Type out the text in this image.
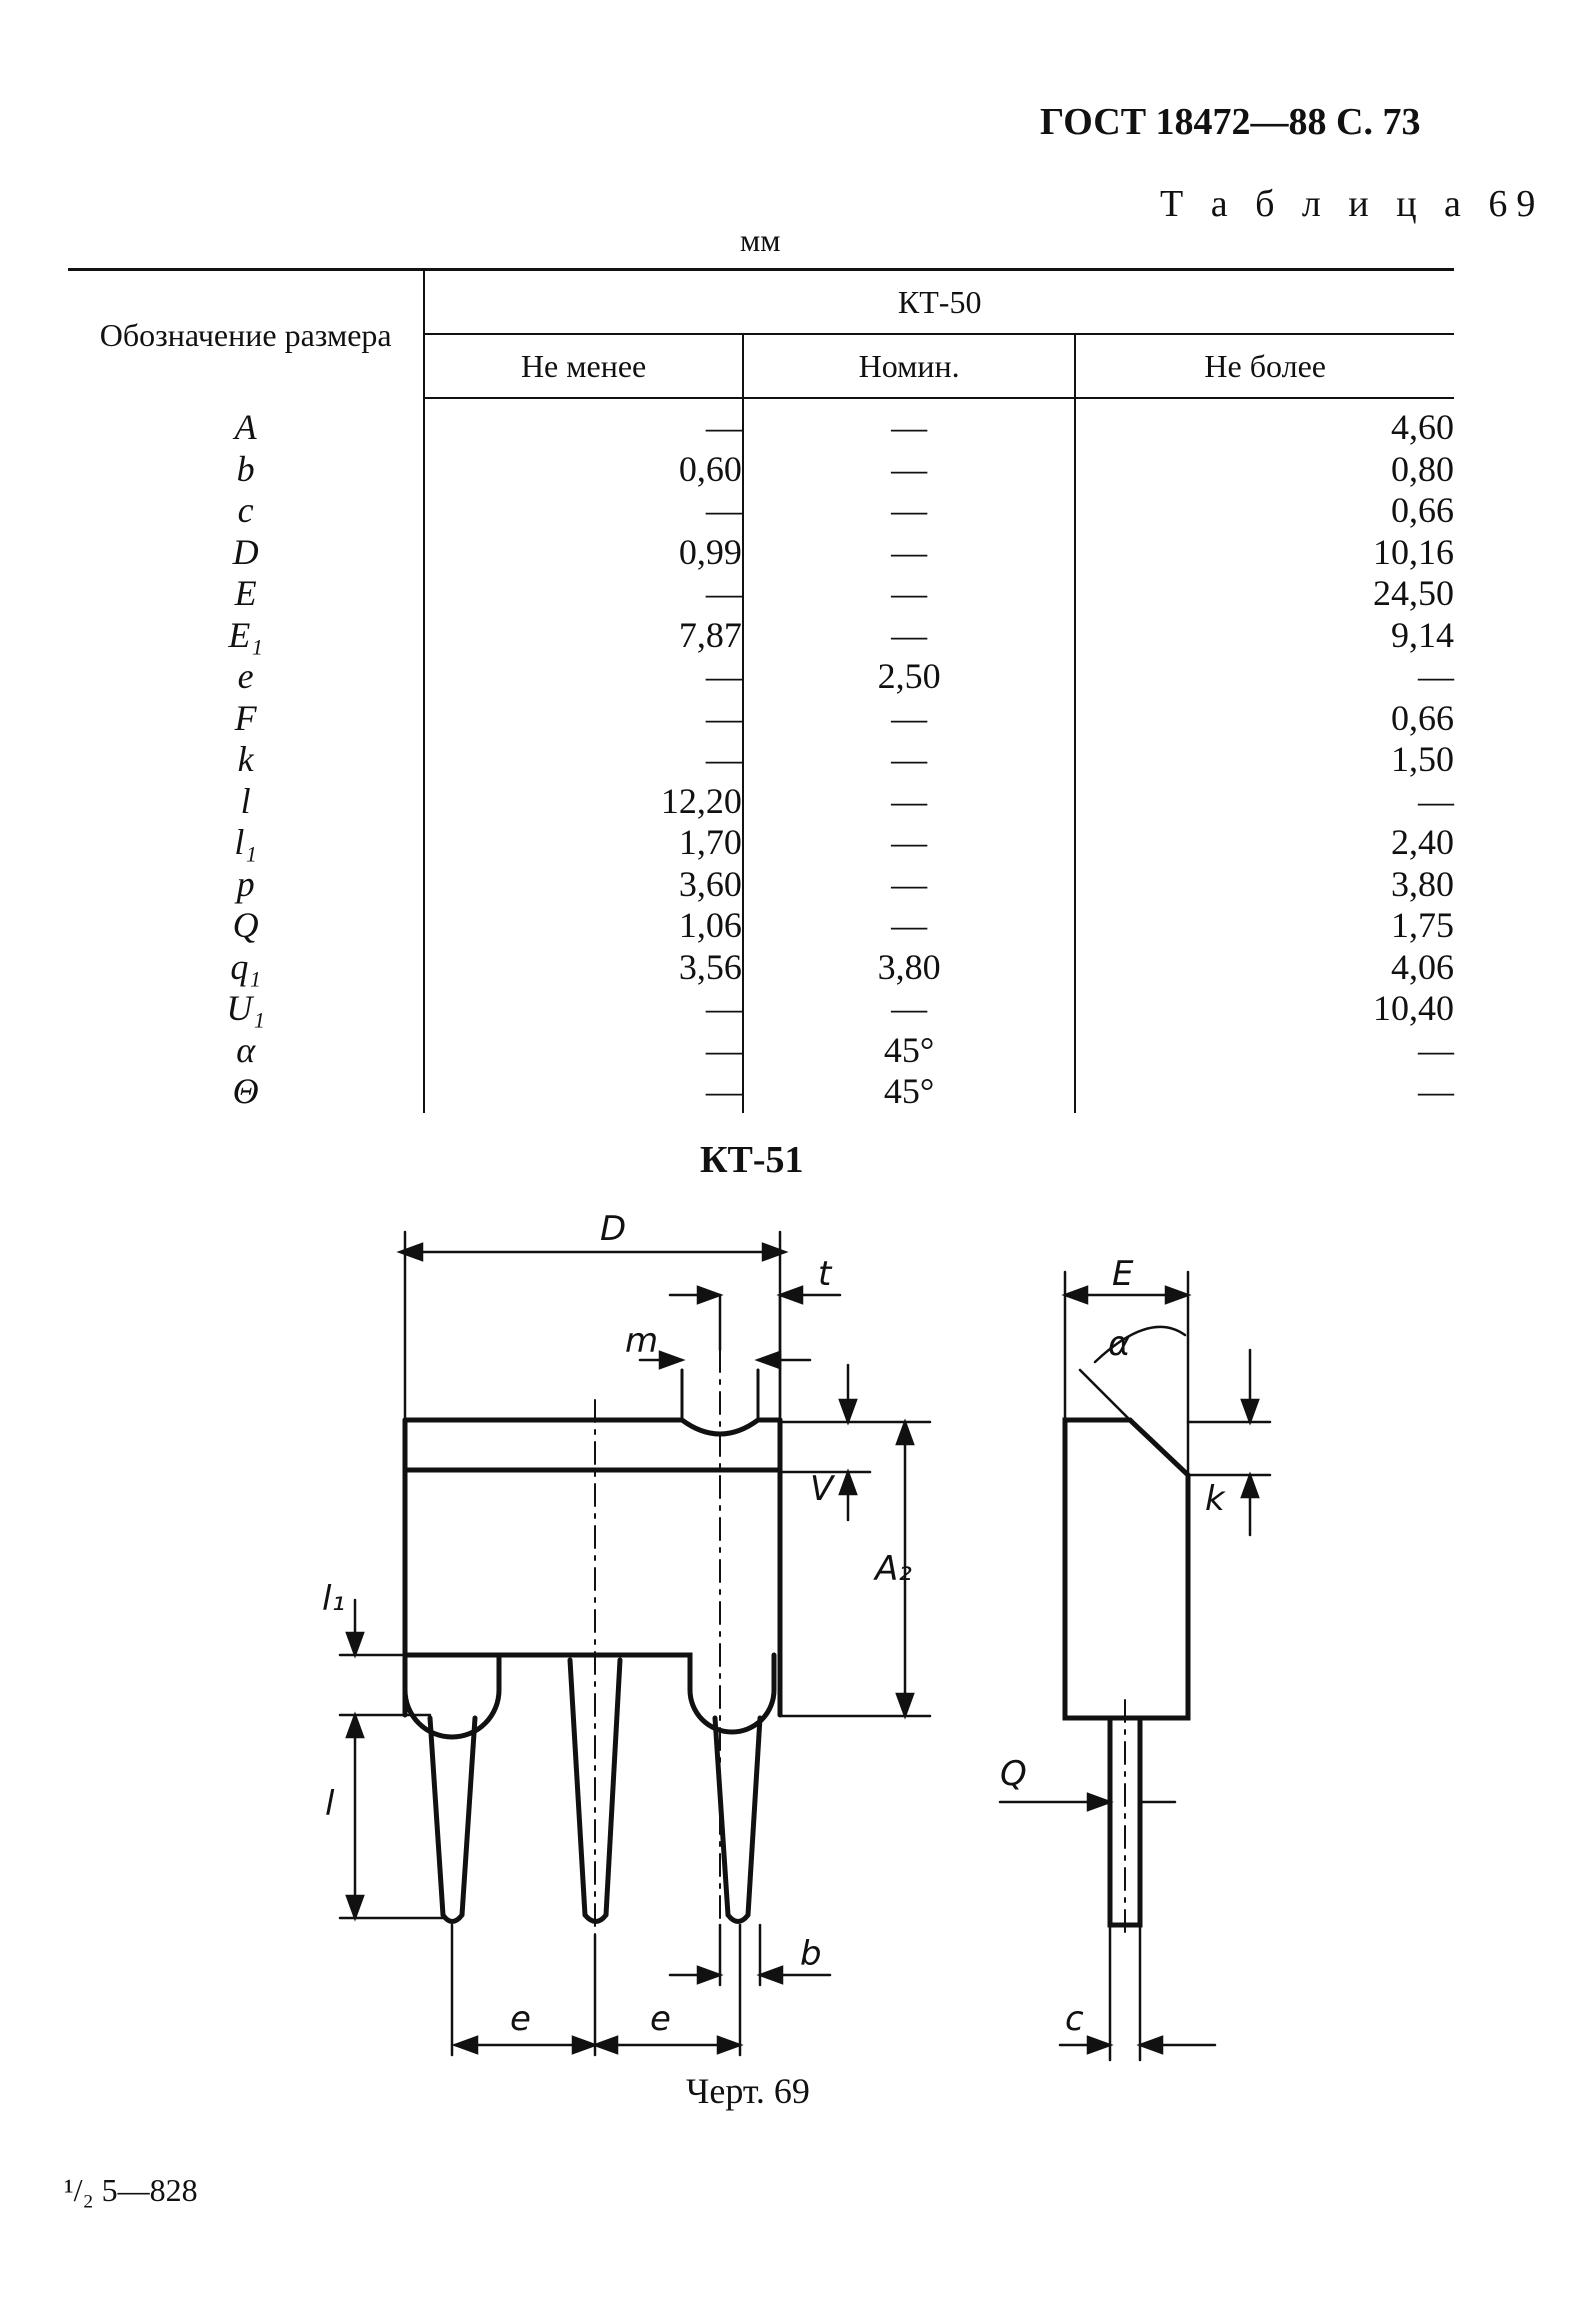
ГОСТ 18472—88 С. 73
Т а б л и ц а 69
мм
Обозначение размера	КТ-50		
	Не менее	Номин.	Не более
A	—	—	4,60
b	0,60	—	0,80
c	—	—	0,66
D	0,99	—	10,16
E	—	—	24,50
E₁	7,87	—	9,14
e	—	2,50	—
F	—	—	0,66
k	—	—	1,50
l	12,20	—	—
l₁	1,70	—	2,40
p	3,60	—	3,80
Q	1,06	—	1,75
q₁	3,56	3,80	4,06
U₁	—	—	10,40
α	—	45°	—
Θ	—	45°	—
КТ-51
D
t
m
V
A₂
l₁
l
e	e
b
E
α
k
Q
c
Черт. 69
¹/₂ 5—828
